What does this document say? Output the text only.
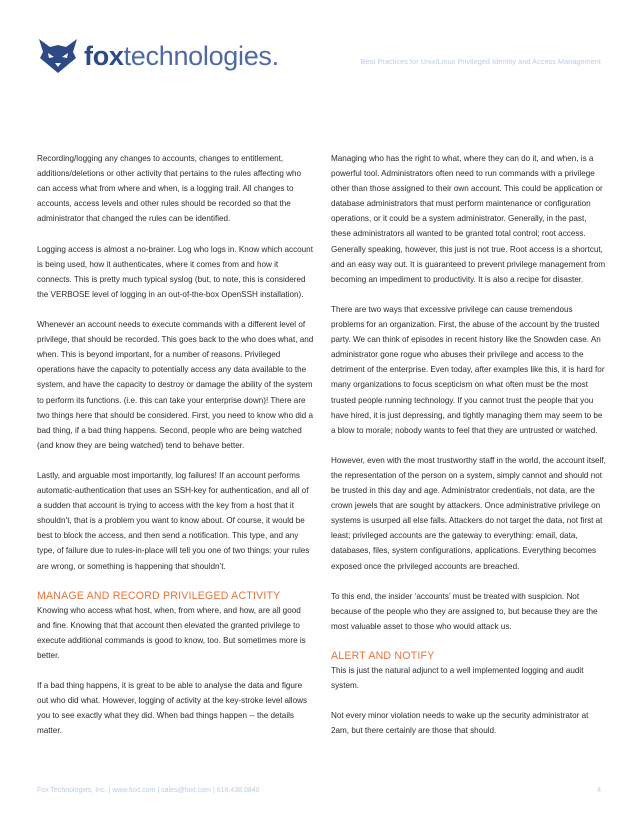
foxtechnologies.	Best Practices for Unix/Linux Privileged Identity and Access Management

Recording/logging any changes to accounts, changes to entitlement, additions/deletions or other activity that pertains to the rules affecting who can access what from where and when, is a logging trail. All changes to accounts, access levels and other rules should be recorded so that the administrator that changed the rules can be identified.

Logging access is almost a no-brainer. Log who logs in. Know which account is being used, how it authenticates, where it comes from and how it connects. This is pretty much typical syslog (but, to note, this is considered the VERBOSE level of logging in an out-of-the-box OpenSSH installation).

Whenever an account needs to execute commands with a different level of privilege, that should be recorded. This goes back to the who does what, and when. This is beyond important, for a number of reasons. Privileged operations have the capacity to potentially access any data available to the system, and have the capacity to destroy or damage the ability of the system to perform its functions. (i.e. this can take your enterprise down)! There are two things here that should be considered. First, you need to know who did a bad thing, if a bad thing happens. Second, people who are being watched (and know they are being watched) tend to behave better.

Lastly, and arguable most importantly, log failures! If an account performs automatic-authentication that uses an SSH-key for authentication, and all of a sudden that account is trying to access with the key from a host that it shouldn’t, that is a problem you want to know about. Of course, it would be best to block the access, and then send a notification. This type, and any type, of failure due to rules-in-place will tell you one of two things: your rules are wrong, or something is happening that shouldn’t.

MANAGE AND RECORD PRIVILEGED ACTIVITY

Knowing who access what host, when, from where, and how, are all good and fine. Knowing that that account then elevated the granted privilege to execute additional commands is good to know, too. But sometimes more is better.

If a bad thing happens, it is great to be able to analyse the data and figure out who did what. However, logging of activity at the key-stroke level allows you to see exactly what they did. When bad things happen -- the details matter.

Managing who has the right to what, where they can do it, and when, is a powerful tool. Administrators often need to run commands with a privilege other than those assigned to their own account. This could be application or database administrators that must perform maintenance or configuration operations, or it could be a system administrator. Generally, in the past, these administrators all wanted to be granted total control; root access. Generally speaking, however, this just is not true. Root access is a shortcut, and an easy way out. It is guaranteed to prevent privilege management from becoming an impediment to productivity. It is also a recipe for disaster.

There are two ways that excessive privilege can cause tremendous problems for an organization. First, the abuse of the account by the trusted party. We can think of episodes in recent history like the Snowden case. An administrator gone rogue who abuses their privilege and access to the detriment of the enterprise. Even today, after examples like this, it is hard for many organizations to focus scepticism on what often must be the most trusted people running technology. If you cannot trust the people that you have hired, it is just depressing, and tightly managing them may seem to be a blow to morale; nobody wants to feel that they are untrusted or watched.

However, even with the most trustworthy staff in the world, the account itself, the representation of the person on a system, simply cannot and should not be trusted in this day and age. Administrator credentials, not data, are the crown jewels that are sought by attackers. Once administrative privilege on systems is usurped all else falls. Attackers do not target the data, not first at least; privileged accounts are the gateway to everything: email, data, databases, files, system configurations, applications. Everything becomes exposed once the privileged accounts are breached.

To this end, the insider ‘accounts’ must be treated with suspicion. Not because of the people who they are assigned to, but because they are the most valuable asset to those who would attack us.

ALERT AND NOTIFY

This is just the natural adjunct to a well implemented logging and audit system.

Not every minor violation needs to wake up the security administrator at 2am, but there certainly are those that should.

Fox Technologies, Inc. | www.foxt.com | sales@foxt.com | 616.438.0840	4
